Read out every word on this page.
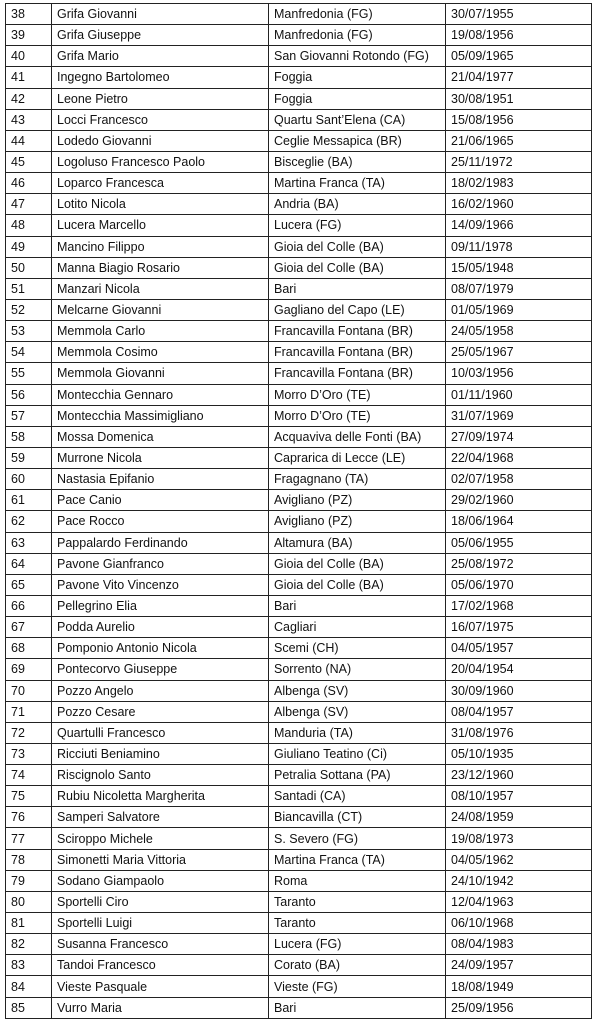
38	Grifa Giovanni	Manfredonia (FG)	30/07/1955
39	Grifa Giuseppe	Manfredonia (FG)	19/08/1956
40	Grifa Mario	San Giovanni Rotondo (FG)	05/09/1965
41	Ingegno Bartolomeo	Foggia	21/04/1977
42	Leone Pietro	Foggia	30/08/1951
43	Locci Francesco	Quartu Sant’Elena (CA)	15/08/1956
44	Lodedo Giovanni	Ceglie Messapica (BR)	21/06/1965
45	Logoluso Francesco Paolo	Bisceglie (BA)	25/11/1972
46	Loparco Francesca	Martina Franca (TA)	18/02/1983
47	Lotito Nicola	Andria (BA)	16/02/1960
48	Lucera Marcello	Lucera (FG)	14/09/1966
49	Mancino Filippo	Gioia del Colle (BA)	09/11/1978
50	Manna Biagio Rosario	Gioia del Colle (BA)	15/05/1948
51	Manzari Nicola	Bari	08/07/1979
52	Melcarne Giovanni	Gagliano del Capo (LE)	01/05/1969
53	Memmola Carlo	Francavilla Fontana (BR)	24/05/1958
54	Memmola Cosimo	Francavilla Fontana (BR)	25/05/1967
55	Memmola Giovanni	Francavilla Fontana (BR)	10/03/1956
56	Montecchia Gennaro	Morro D’Oro (TE)	01/11/1960
57	Montecchia Massimigliano	Morro D’Oro (TE)	31/07/1969
58	Mossa Domenica	Acquaviva delle Fonti (BA)	27/09/1974
59	Murrone Nicola	Caprarica di Lecce (LE)	22/04/1968
60	Nastasia Epifanio	Fragagnano (TA)	02/07/1958
61	Pace Canio	Avigliano (PZ)	29/02/1960
62	Pace Rocco	Avigliano (PZ)	18/06/1964
63	Pappalardo Ferdinando	Altamura (BA)	05/06/1955
64	Pavone Gianfranco	Gioia del Colle (BA)	25/08/1972
65	Pavone Vito Vincenzo	Gioia del Colle (BA)	05/06/1970
66	Pellegrino Elia	Bari	17/02/1968
67	Podda Aurelio	Cagliari	16/07/1975
68	Pomponio Antonio Nicola	Scemi (CH)	04/05/1957
69	Pontecorvo Giuseppe	Sorrento (NA)	20/04/1954
70	Pozzo Angelo	Albenga (SV)	30/09/1960
71	Pozzo Cesare	Albenga (SV)	08/04/1957
72	Quartulli Francesco	Manduria (TA)	31/08/1976
73	Ricciuti Beniamino	Giuliano Teatino (Ci)	05/10/1935
74	Riscignolo Santo	Petralia Sottana (PA)	23/12/1960
75	Rubiu Nicoletta Margherita	Santadi (CA)	08/10/1957
76	Samperi Salvatore	Biancavilla (CT)	24/08/1959
77	Sciroppo Michele	S. Severo (FG)	19/08/1973
78	Simonetti Maria Vittoria	Martina Franca (TA)	04/05/1962
79	Sodano Giampaolo	Roma	24/10/1942
80	Sportelli Ciro	Taranto	12/04/1963
81	Sportelli Luigi	Taranto	06/10/1968
82	Susanna Francesco	Lucera (FG)	08/04/1983
83	Tandoi Francesco	Corato (BA)	24/09/1957
84	Vieste Pasquale	Vieste (FG)	18/08/1949
85	Vurro Maria	Bari	25/09/1956
